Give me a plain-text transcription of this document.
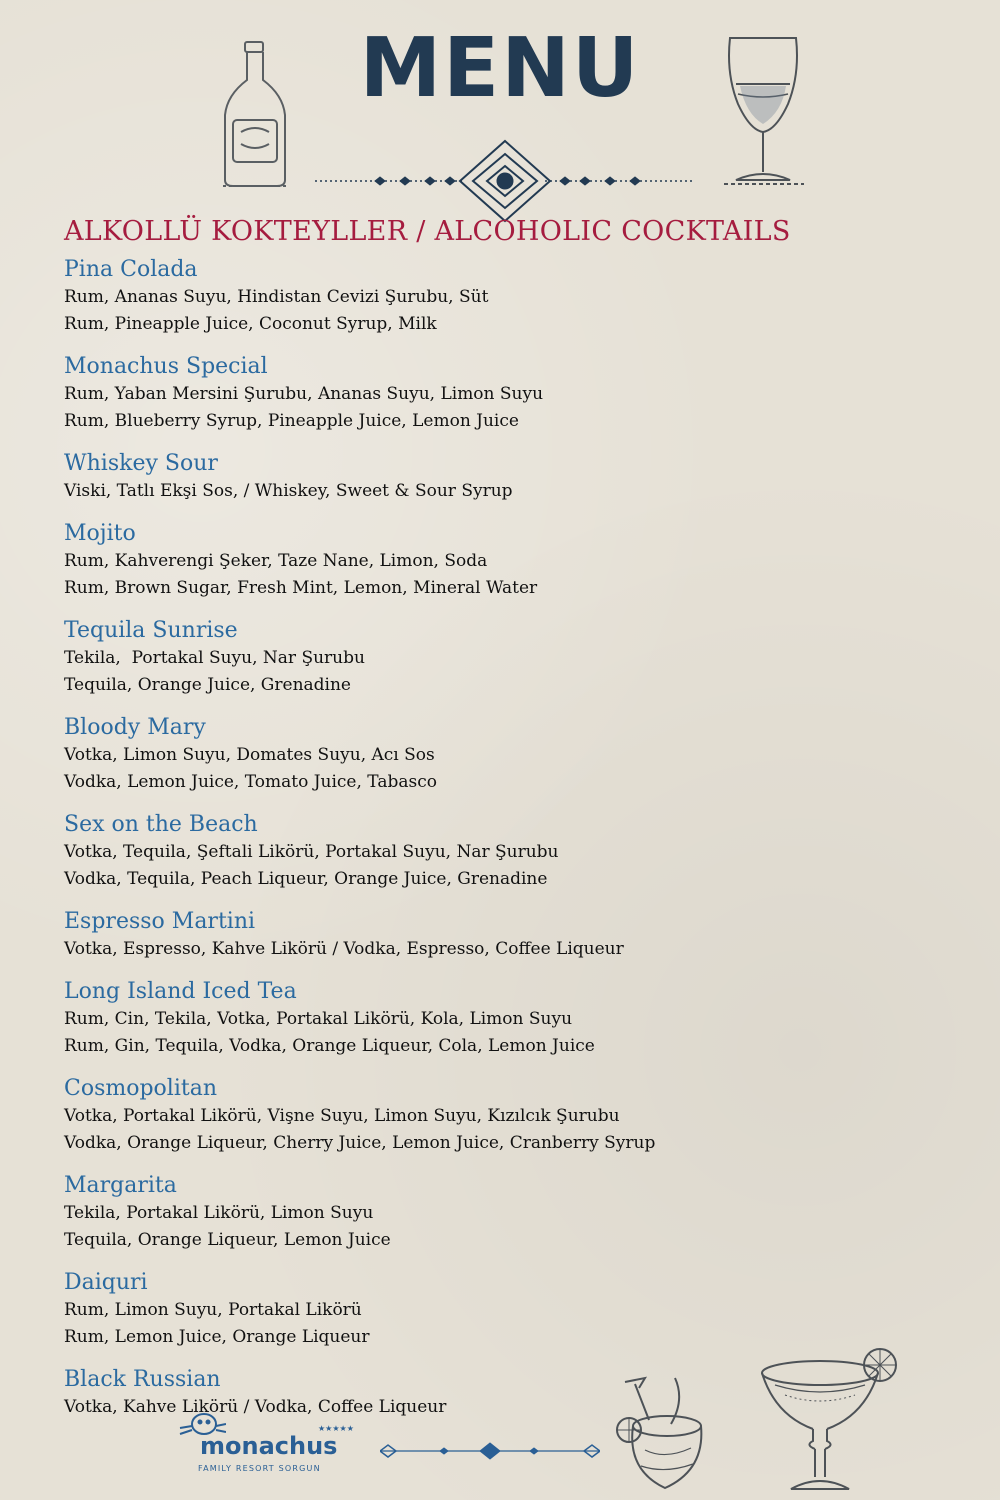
MENU
ALKOLLÜ KOKTEYLLER / ALCOHOLIC COCKTAILS
Pina Colada
Rum, Ananas Suyu, Hindistan Cevizi Şurubu, Süt
Rum, Pineapple Juice, Coconut Syrup, Milk
Monachus Special
Rum, Yaban Mersini Şurubu, Ananas Suyu, Limon Suyu
Rum, Blueberry Syrup, Pineapple Juice, Lemon Juice
Whiskey Sour
Viski, Tatlı Ekşi Sos, / Whiskey, Sweet & Sour Syrup
Mojito
Rum, Kahverengi Şeker, Taze Nane, Limon, Soda
Rum, Brown Sugar, Fresh Mint, Lemon, Mineral Water
Tequila Sunrise
Tekila,  Portakal Suyu, Nar Şurubu
Tequila, Orange Juice, Grenadine
Bloody Mary
Votka, Limon Suyu, Domates Suyu, Acı Sos
Vodka, Lemon Juice, Tomato Juice, Tabasco
Sex on the Beach
Votka, Tequila, Şeftali Likörü, Portakal Suyu, Nar Şurubu
Vodka, Tequila, Peach Liqueur, Orange Juice, Grenadine
Espresso Martini
Votka, Espresso, Kahve Likörü / Vodka, Espresso, Coffee Liqueur
Long Island Iced Tea
Rum, Cin, Tekila, Votka, Portakal Likörü, Kola, Limon Suyu
Rum, Gin, Tequila, Vodka, Orange Liqueur, Cola, Lemon Juice
Cosmopolitan
Votka, Portakal Likörü, Vişne Suyu, Limon Suyu, Kızılcık Şurubu
Vodka, Orange Liqueur, Cherry Juice, Lemon Juice, Cranberry Syrup
Margarita
Tekila, Portakal Likörü, Limon Suyu
Tequila, Orange Liqueur, Lemon Juice
Daiquri
Rum, Limon Suyu, Portakal Likörü
Rum, Lemon Juice, Orange Liqueur
Black Russian
Votka, Kahve Likörü / Vodka, Coffee Liqueur
★★★★★
monachus
FAMILY RESORT SORGUN
